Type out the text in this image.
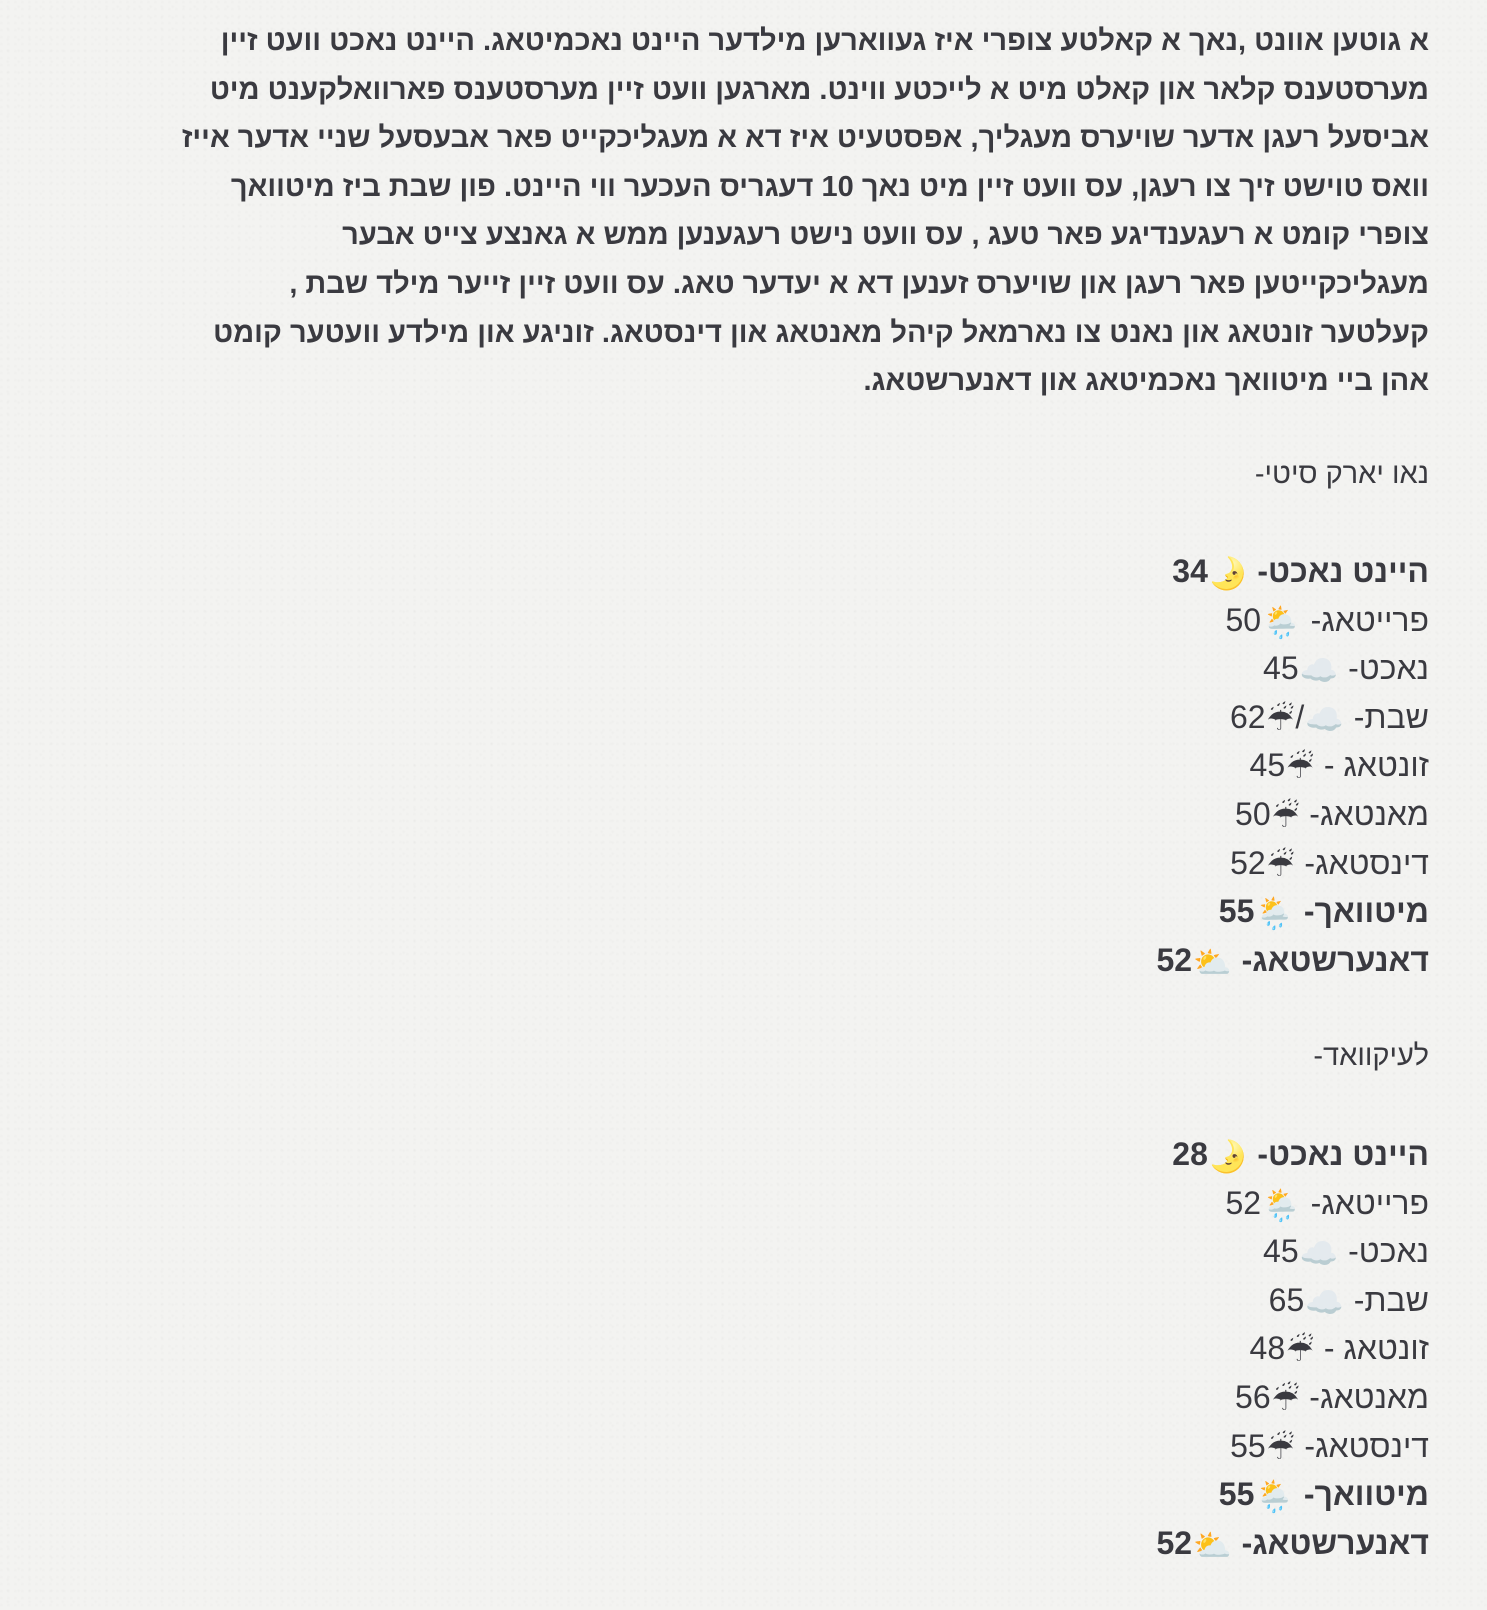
א גוטען אוונט ,נאך א קאלטע צופרי איז געווארען מילדער היינט נאכמיטאג. היינט נאכט וועט זיין
מערסטענס קלאר און קאלט מיט א לייכטע ווינט. מארגען וועט זיין מערסטענס פארוואלקענט מיט
אביסעל רעגן אדער שויערס מעגליך, אפסטעיט איז דא א מעגליכקייט פאר אבעסעל שניי אדער אייז
וואס טוישט זיך צו רעגן, עס וועט זיין מיט נאך 10 דעגריס העכער ווי היינט. פון שבת ביז מיטוואך
צופרי קומט א רעגענדיגע פאר טעג , עס וועט נישט רעגענען ממש א גאנצע צייט אבער
מעגליכקייטען פאר רעגן און שויערס זענען דא א יעדער טאג. עס וועט זיין זייער מילד שבת ,
קעלטער זונטאג און נאנט צו נארמאל קיהל מאנטאג און דינסטאג. זוניגע און מילדע וועטער קומט
אהן ביי מיטוואך נאכמיטאג און דאנערשטאג.

נאו יארק סיטי-
היינט נאכט- 🌛34
פרייטאג- 🌦️50
נאכט- ☁️45
שבת- ☁️/☔62
זונטאג - ☔45
מאנטאג- ☔50
דינסטאג- ☔52
מיטוואך- 🌦️55
דאנערשטאג- ⛅52
לעיקוואד-
היינט נאכט- 🌛28
פרייטאג- 🌦️52
נאכט- ☁️45
שבת- ☁️65
זונטאג - ☔48
מאנטאג- ☔56
דינסטאג- ☔55
מיטוואך- 🌦️55
דאנערשטאג- ⛅52
